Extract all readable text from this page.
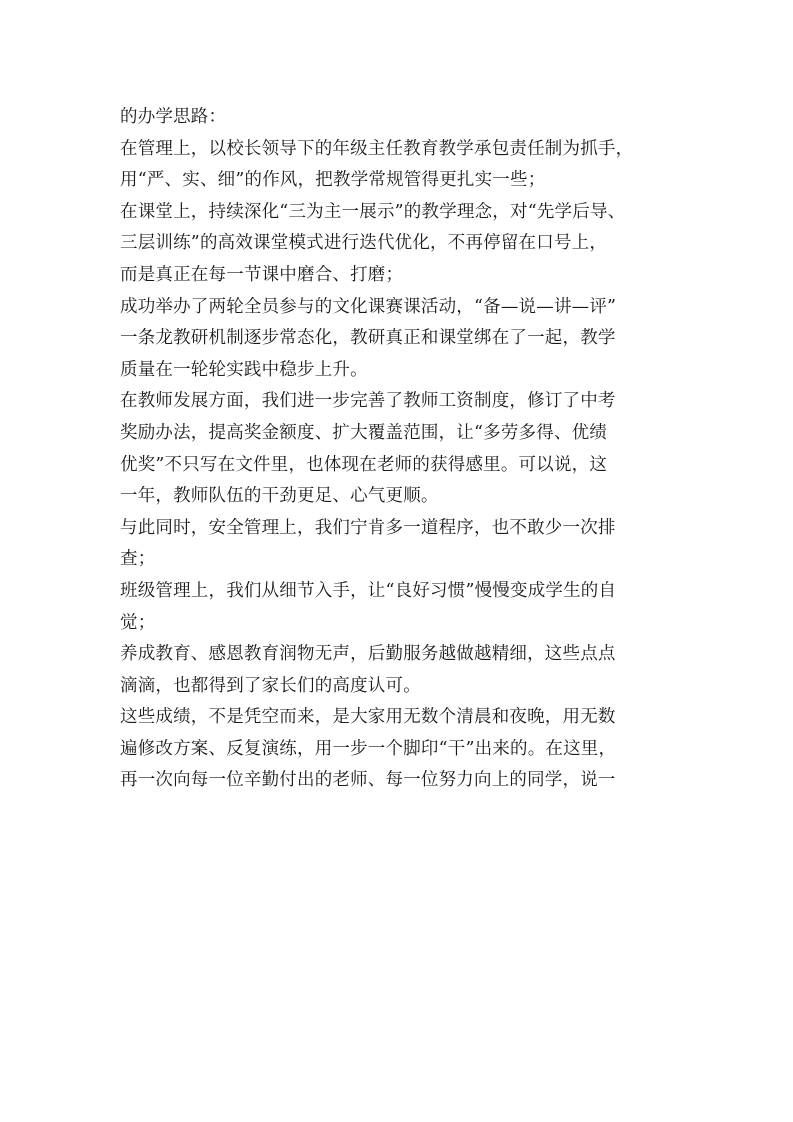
的办学思路：
在管理上，以校长领导下的年级主任教育教学承包责任制为抓手，
用“严、实、细”的作风，把教学常规管得更扎实一些；
在课堂上，持续深化“三为主一展示”的教学理念，对“先学后导、
三层训练”的高效课堂模式进行迭代优化，不再停留在口号上，
而是真正在每一节课中磨合、打磨；
成功举办了两轮全员参与的文化课赛课活动，“备—说—讲—评”
一条龙教研机制逐步常态化，教研真正和课堂绑在了一起，教学
质量在一轮轮实践中稳步上升。
在教师发展方面，我们进一步完善了教师工资制度，修订了中考
奖励办法，提高奖金额度、扩大覆盖范围，让“多劳多得、优绩
优奖”不只写在文件里，也体现在老师的获得感里。可以说，这
一年，教师队伍的干劲更足、心气更顺。
与此同时，安全管理上，我们宁肯多一道程序，也不敢少一次排
查；
班级管理上，我们从细节入手，让“良好习惯”慢慢变成学生的自
觉；
养成教育、感恩教育润物无声，后勤服务越做越精细，这些点点
滴滴，也都得到了家长们的高度认可。
这些成绩，不是凭空而来，是大家用无数个清晨和夜晚，用无数
遍修改方案、反复演练，用一步一个脚印“干”出来的。在这里，
再一次向每一位辛勤付出的老师、每一位努力向上的同学，说一
